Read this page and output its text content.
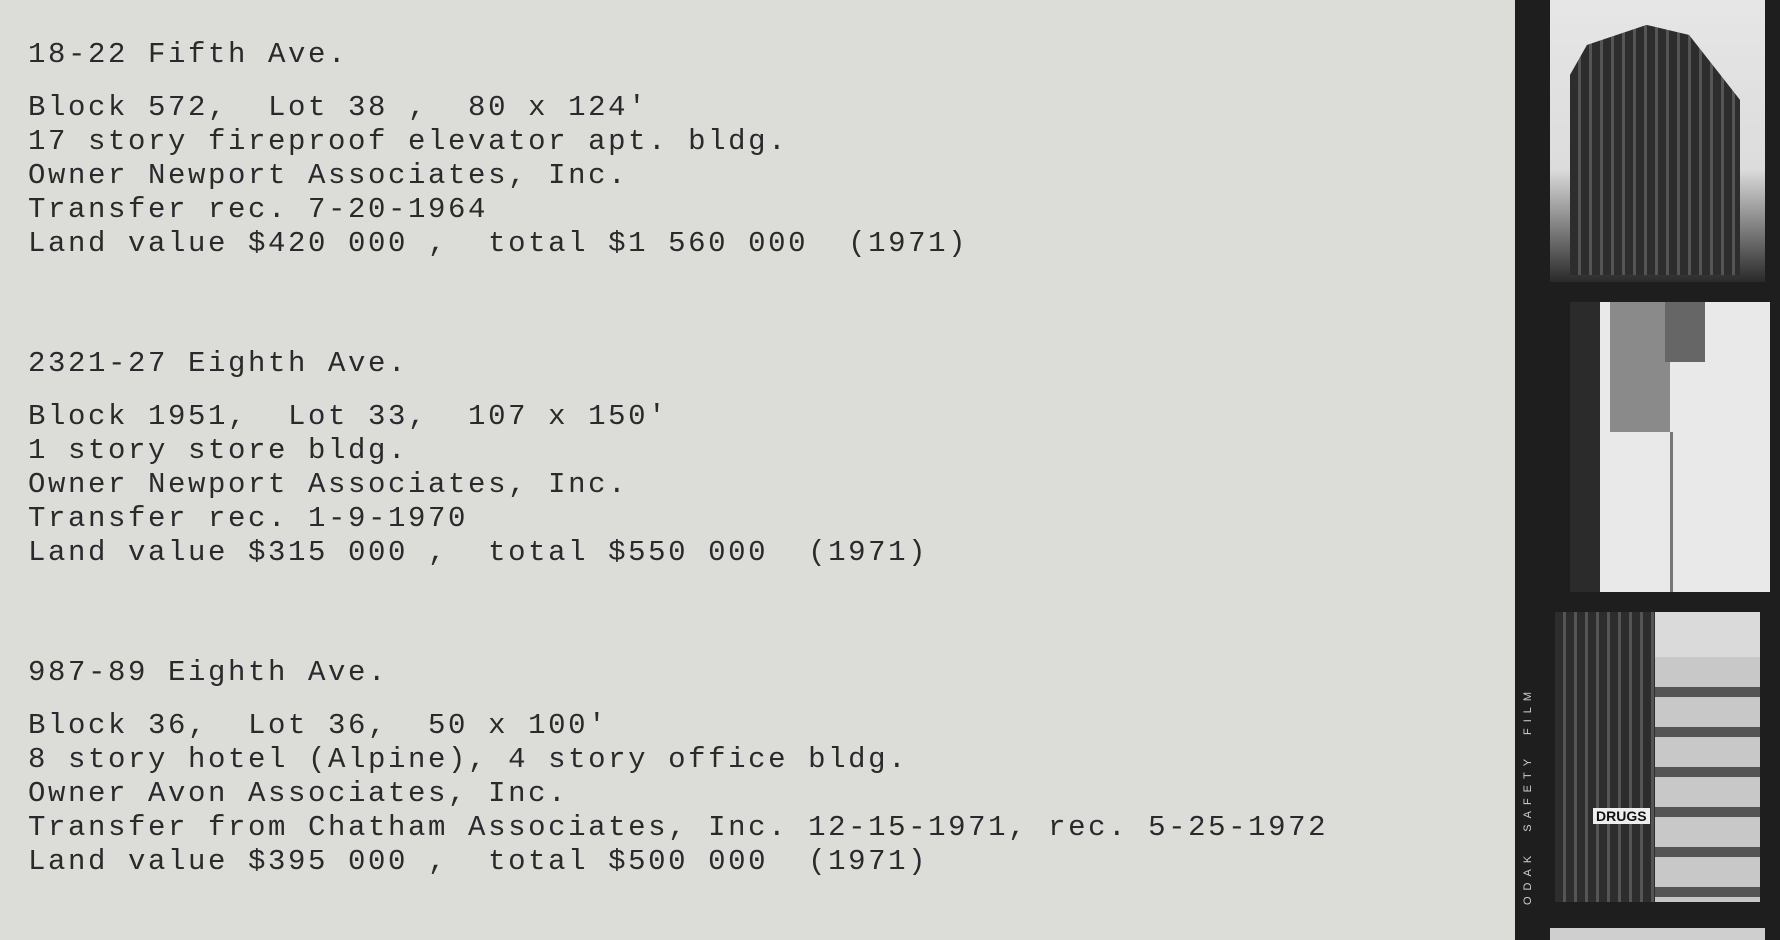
18-22 Fifth Ave.
Block 572,  Lot 38 ,  80 x 124'
17 story fireproof elevator apt. bldg.
Owner Newport Associates, Inc.
Transfer rec. 7-20-1964
Land value $420 000 ,  total $1 560 000  (1971)
2321-27 Eighth Ave.
Block 1951,  Lot 33,  107 x 150'
1 story store bldg.
Owner Newport Associates, Inc.
Transfer rec. 1-9-1970
Land value $315 000 ,  total $550 000  (1971)
987-89 Eighth Ave.
Block 36,  Lot 36,  50 x 100'
8 story hotel (Alpine), 4 story office bldg.
Owner Avon Associates, Inc.
Transfer from Chatham Associates, Inc. 12-15-1971, rec. 5-25-1972
Land value $395 000 ,  total $500 000  (1971)
DRUGS
ODAK  SAFETY  FILM
